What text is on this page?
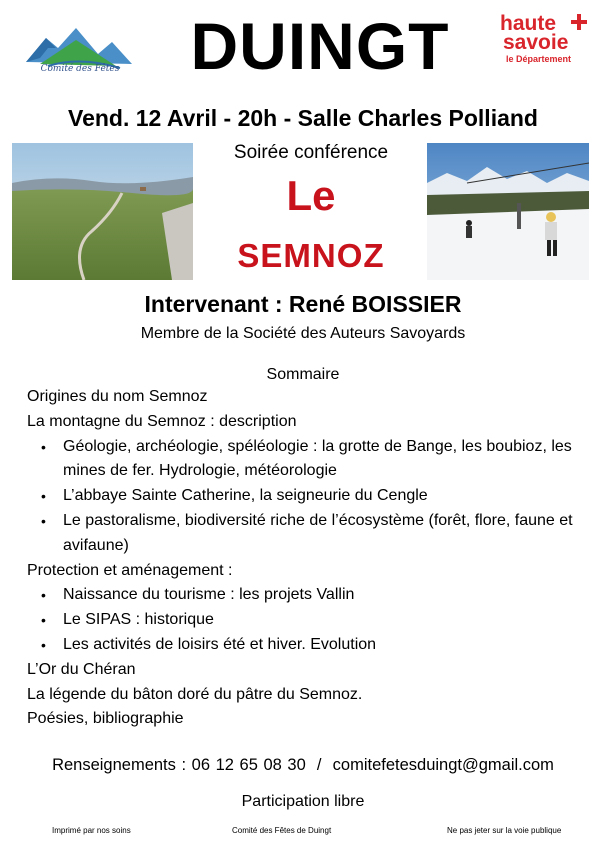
Comité des Fêtes	DUINGT	haute
savoie
le Département
Vend. 12 Avril - 20h - Salle Charles Polliand
Soirée conférence
Le
SEMNOZ
Intervenant : René BOISSIER
Membre de la Société des Auteurs Savoyards
Sommaire
Origines du nom Semnoz
La montagne du Semnoz : description
• Géologie, archéologie, spéléologie : la grotte de Bange, les boubioz, les mines de fer. Hydrologie, météorologie
• L’abbaye Sainte Catherine, la seigneurie du Cengle
• Le pastoralisme, biodiversité riche de l’écosystème (forêt, flore, faune et avifaune)
Protection et aménagement :
• Naissance du tourisme : les projets Vallin
• Le SIPAS : historique
• Les activités de loisirs été et hiver. Evolution
L’Or du Chéran
La légende du bâton doré du pâtre du Semnoz.
Poésies, bibliographie
Renseignements : 06 12 65 08 30  /  comitefetesduingt@gmail.com
Participation libre
Imprimé par nos soins	Comité des Fêtes de Duingt	Ne pas jeter sur la voie publique
